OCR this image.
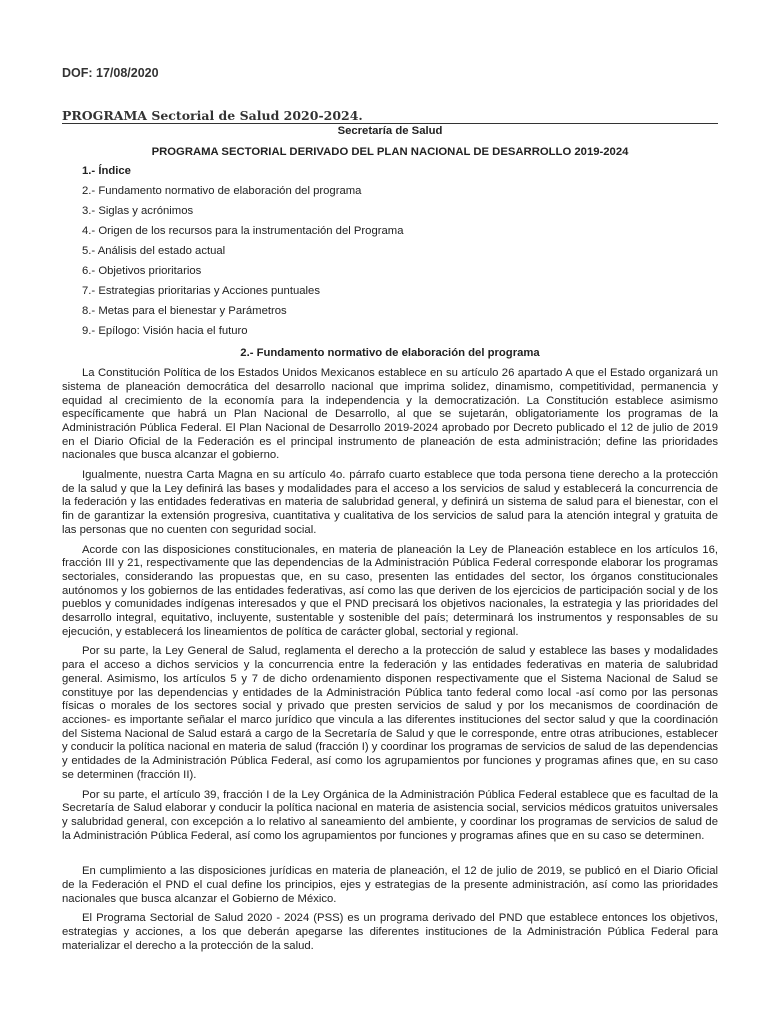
DOF: 17/08/2020
PROGRAMA Sectorial de Salud 2020-2024.

Secretaría de Salud

PROGRAMA SECTORIAL DERIVADO DEL PLAN NACIONAL DE DESARROLLO 2019-2024

1.- Índice
2.- Fundamento normativo de elaboración del programa
3.- Siglas y acrónimos
4.- Origen de los recursos para la instrumentación del Programa
5.- Análisis del estado actual
6.- Objetivos prioritarios
7.- Estrategias prioritarias y Acciones puntuales
8.- Metas para el bienestar y Parámetros
9.- Epílogo: Visión hacia el futuro

2.- Fundamento normativo de elaboración del programa

La Constitución Política de los Estados Unidos Mexicanos establece en su artículo 26 apartado A que el Estado organizará un sistema de planeación democrática del desarrollo nacional que imprima solidez, dinamismo, competitividad, permanencia y equidad al crecimiento de la economía para la independencia y la democratización. La Constitución establece asimismo específicamente que habrá un Plan Nacional de Desarrollo, al que se sujetarán, obligatoriamente los programas de la Administración Pública Federal. El Plan Nacional de Desarrollo 2019-2024 aprobado por Decreto publicado el 12 de julio de 2019 en el Diario Oficial de la Federación es el principal instrumento de planeación de esta administración; define las prioridades nacionales que busca alcanzar el gobierno.

Igualmente, nuestra Carta Magna en su artículo 4o. párrafo cuarto establece que toda persona tiene derecho a la protección de la salud y que la Ley definirá las bases y modalidades para el acceso a los servicios de salud y establecerá la concurrencia de la federación y las entidades federativas en materia de salubridad general, y definirá un sistema de salud para el bienestar, con el fin de garantizar la extensión progresiva, cuantitativa y cualitativa de los servicios de salud para la atención integral y gratuita de las personas que no cuenten con seguridad social.

Acorde con las disposiciones constitucionales, en materia de planeación la Ley de Planeación establece en los artículos 16, fracción III y 21, respectivamente que las dependencias de la Administración Pública Federal corresponde elaborar los programas sectoriales, considerando las propuestas que, en su caso, presenten las entidades del sector, los órganos constitucionales autónomos y los gobiernos de las entidades federativas, así como las que deriven de los ejercicios de participación social y de los pueblos y comunidades indígenas interesados y que el PND precisará los objetivos nacionales, la estrategia y las prioridades del desarrollo integral, equitativo, incluyente, sustentable y sostenible del país; determinará los instrumentos y responsables de su ejecución, y establecerá los lineamientos de política de carácter global, sectorial y regional.

Por su parte, la Ley General de Salud, reglamenta el derecho a la protección de salud y establece las bases y modalidades para el acceso a dichos servicios y la concurrencia entre la federación y las entidades federativas en materia de salubridad general. Asimismo, los artículos 5 y 7 de dicho ordenamiento disponen respectivamente que el Sistema Nacional de Salud se constituye por las dependencias y entidades de la Administración Pública tanto federal como local -así como por las personas físicas o morales de los sectores social y privado que presten servicios de salud y por los mecanismos de coordinación de acciones- es importante señalar el marco jurídico que vincula a las diferentes instituciones del sector salud y que la coordinación del Sistema Nacional de Salud estará a cargo de la Secretaría de Salud y que le corresponde, entre otras atribuciones, establecer y conducir la política nacional en materia de salud (fracción I) y coordinar los programas de servicios de salud de las dependencias y entidades de la Administración Pública Federal, así como los agrupamientos por funciones y programas afines que, en su caso se determinen (fracción II).

Por su parte, el artículo 39, fracción I de la Ley Orgánica de la Administración Pública Federal establece que es facultad de la Secretaría de Salud elaborar y conducir la política nacional en materia de asistencia social, servicios médicos gratuitos universales y salubridad general, con excepción a lo relativo al saneamiento del ambiente, y coordinar los programas de servicios de salud de la Administración Pública Federal, así como los agrupamientos por funciones y programas afines que en su caso se determinen.

En cumplimiento a las disposiciones jurídicas en materia de planeación, el 12 de julio de 2019, se publicó en el Diario Oficial de la Federación el PND el cual define los principios, ejes y estrategias de la presente administración, así como las prioridades nacionales que busca alcanzar el Gobierno de México.

El Programa Sectorial de Salud 2020 - 2024 (PSS) es un programa derivado del PND que establece entonces los objetivos, estrategias y acciones, a los que deberán apegarse las diferentes instituciones de la Administración Pública Federal para materializar el derecho a la protección de la salud.
